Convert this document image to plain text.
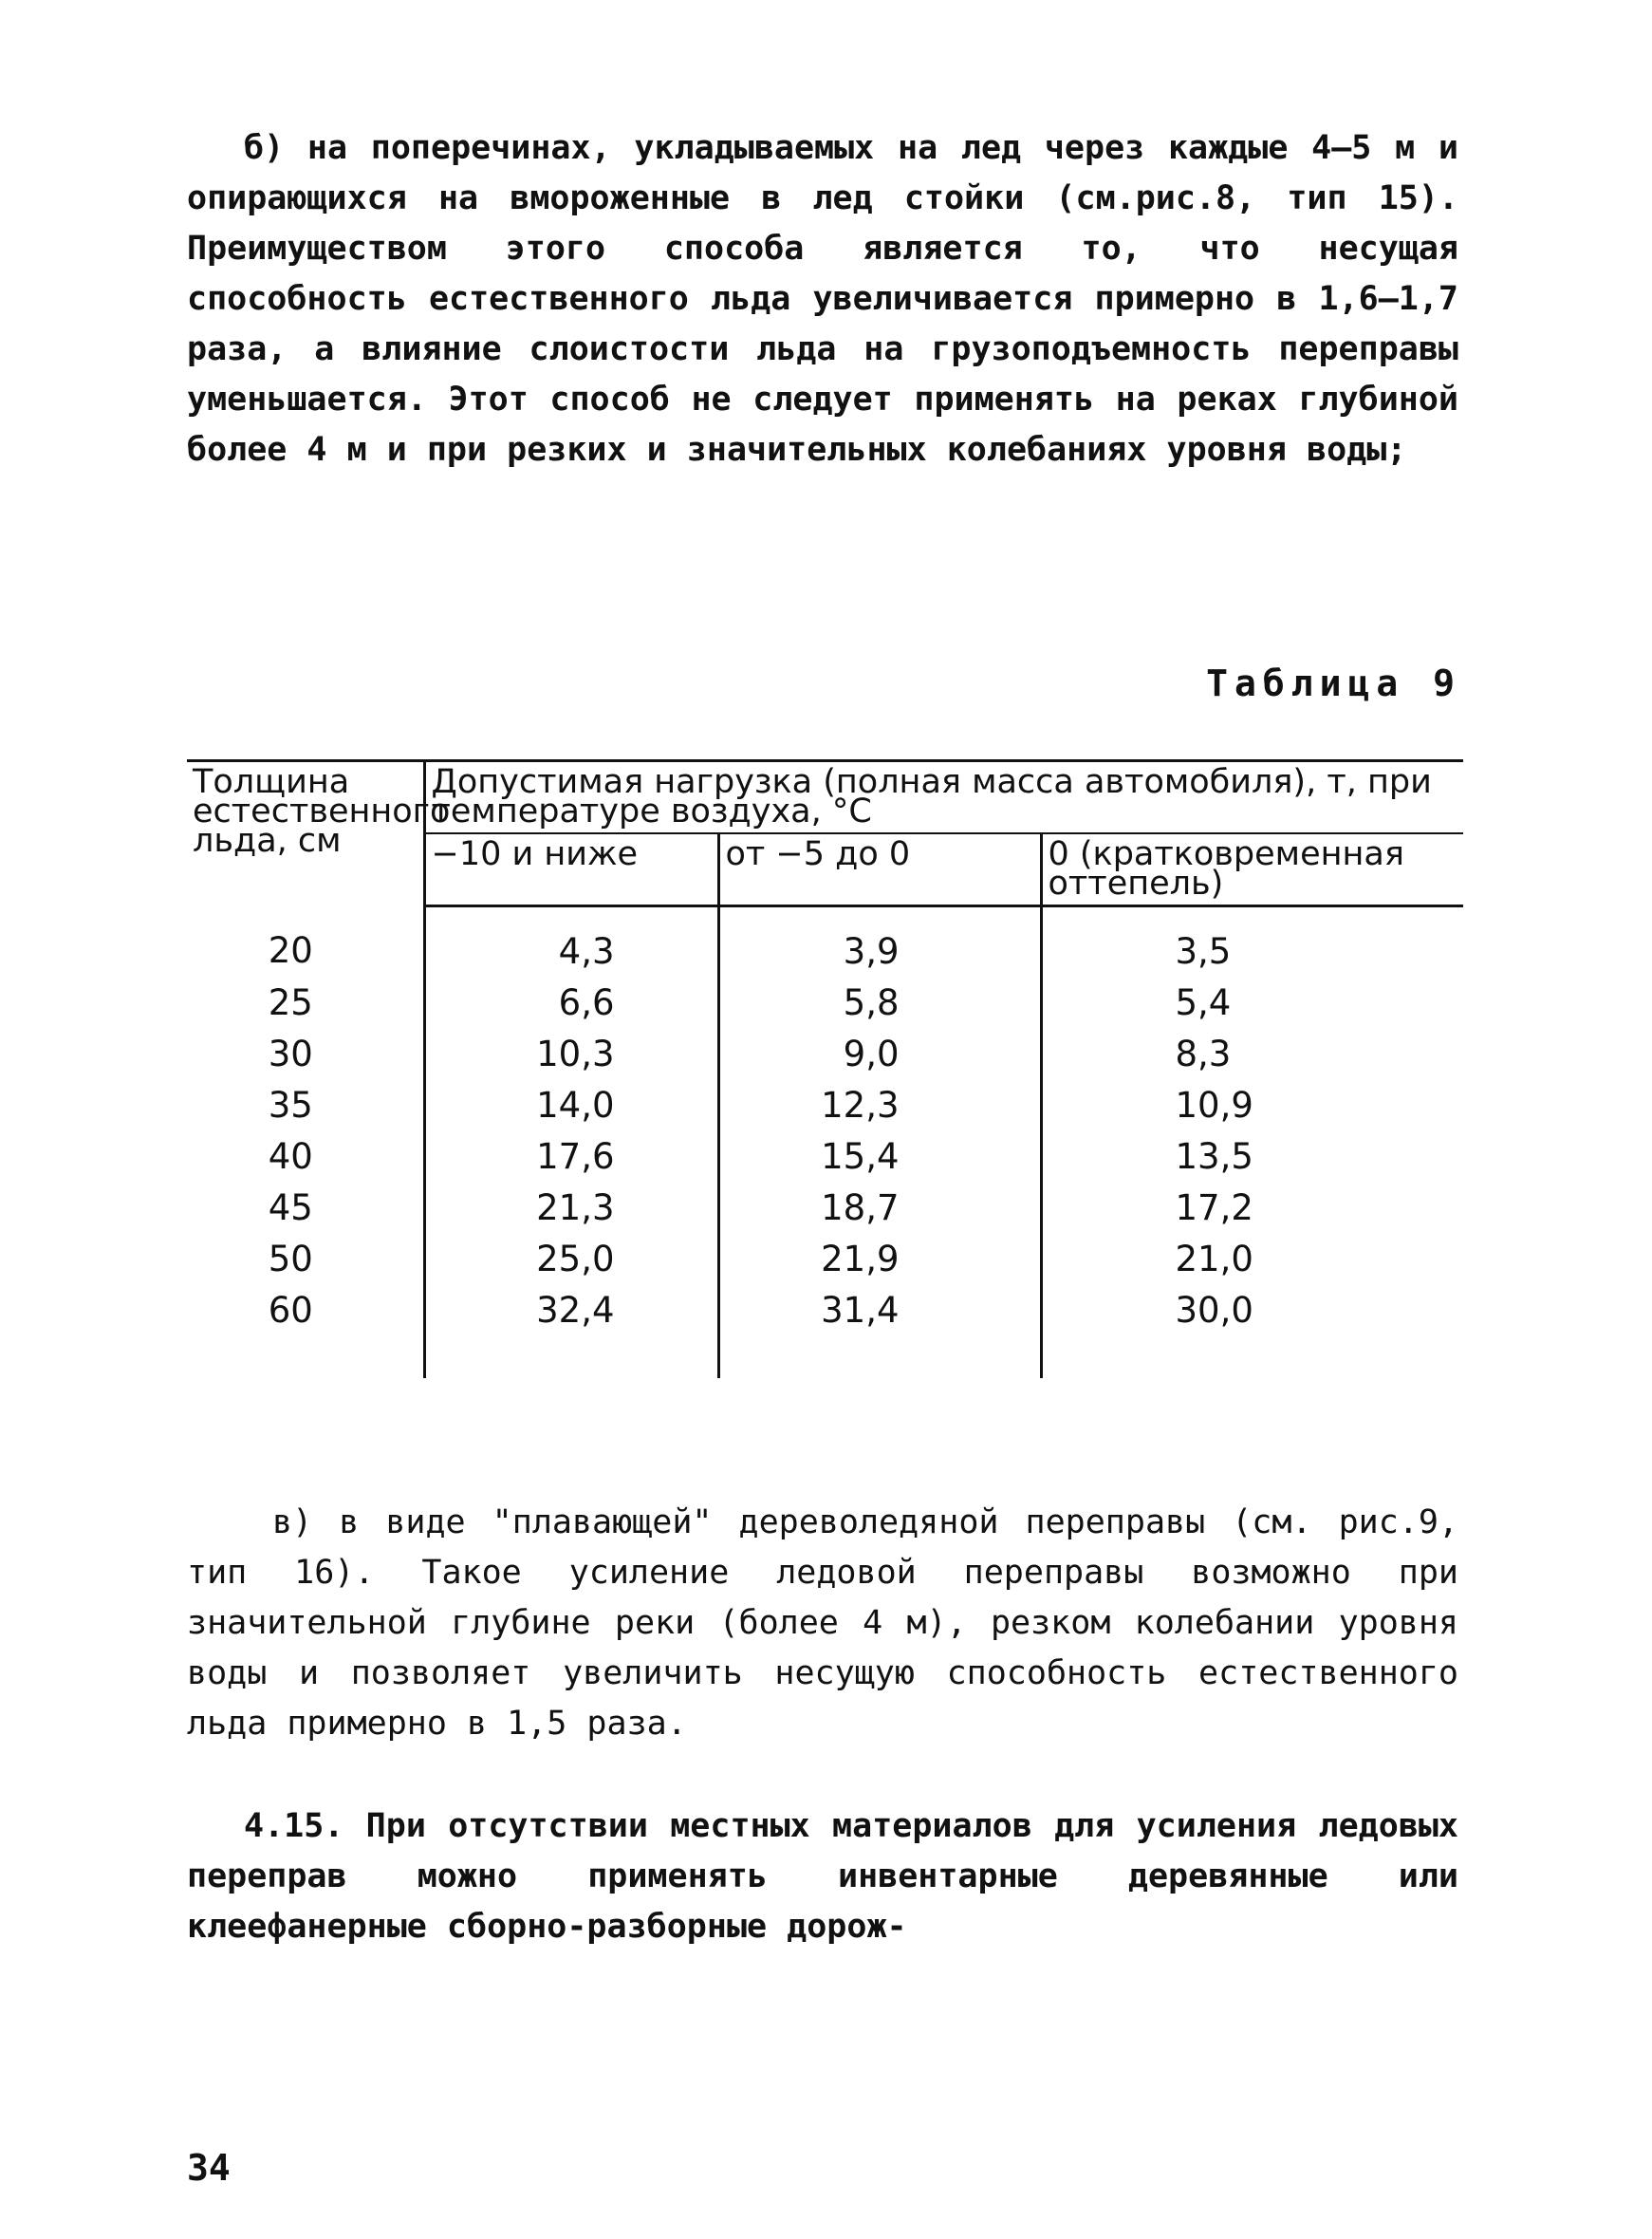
б) на поперечинах, укладываемых на лед через каждые 4–5 м и опирающихся на вмороженные в лед стойки (см.рис.8, тип 15). Преимуществом этого способа является то, что несущая способность естественного льда увеличивается примерно в 1,6–1,7 раза, а влияние слоистости льда на грузоподъемность переправы уменьшается. Этот способ не следует применять на реках глубиной более 4 м и при резких и значительных колебаниях уровня воды;

Таблица 9

Толщина естественного льда, см	Допустимая нагрузка (полная масса автомобиля), т, при температуре воздуха, °С		
	−10 и ниже	от −5 до 0	0 (кратковременная оттепель)
20	4,3	3,9	3,5
25	6,6	5,8	5,4
30	10,3	9,0	8,3
35	14,0	12,3	10,9
40	17,6	15,4	13,5
45	21,3	18,7	17,2
50	25,0	21,9	21,0
60	32,4	31,4	30,0

в) в виде "плавающей" дереволедяной переправы (см. рис.9, тип 16). Такое усиление ледовой переправы возможно при значительной глубине реки (более 4 м), резком колебании уровня воды и позволяет увеличить несущую способность естественного льда примерно в 1,5 раза.

4.15. При отсутствии местных материалов для усиления ледовых переправ можно применять инвентарные деревянные или клеефанерные сборно-разборные дорож-

34
